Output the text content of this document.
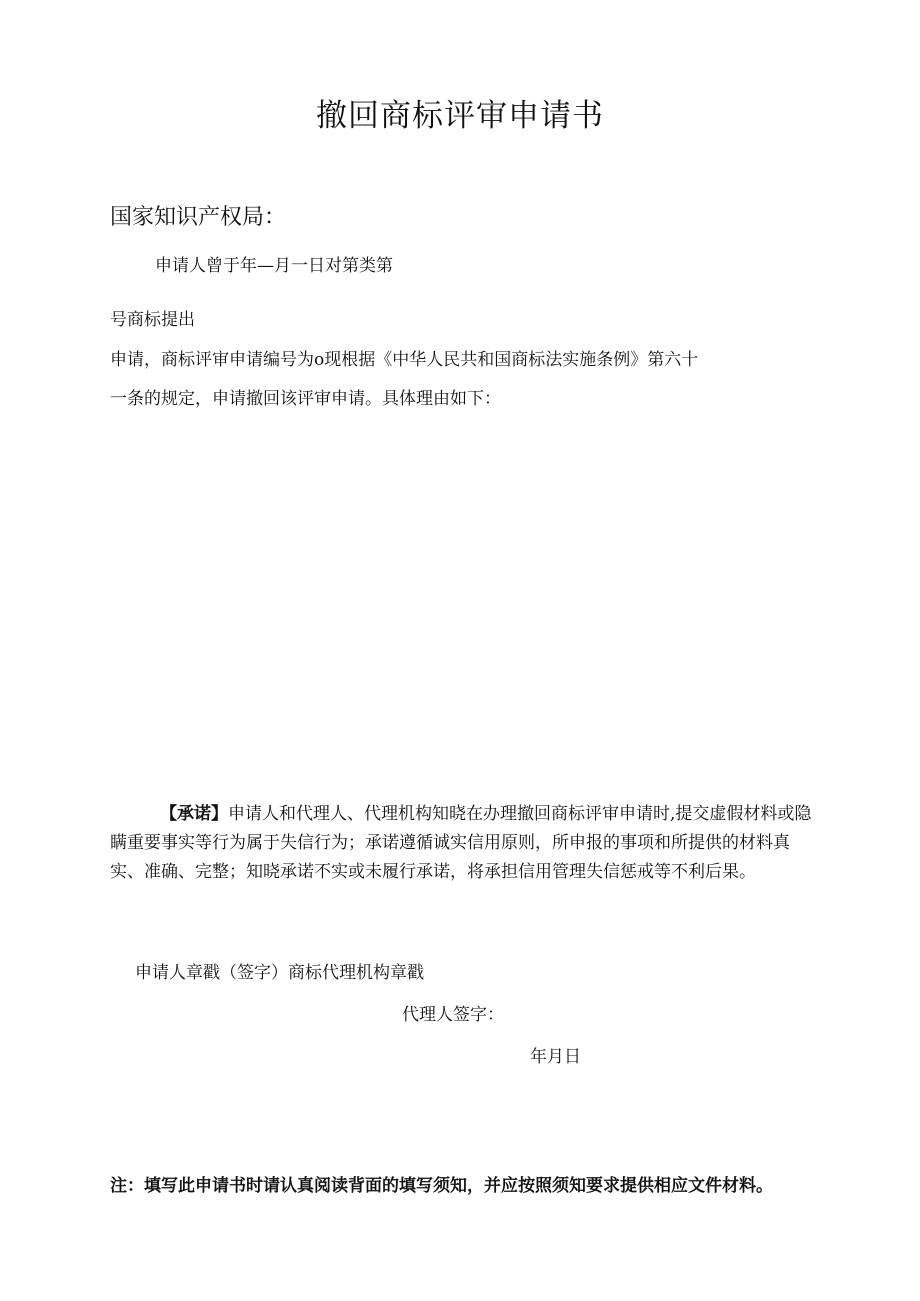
撤回商标评审申请书
国家知识产权局：
申请人曾于年—月一日对第类第
号商标提出
申请，商标评审申请编号为o现根据《中华人民共和国商标法实施条例》第六十
一条的规定，申请撤回该评审申请。具体理由如下：
【承诺】申请人和代理人、代理机构知晓在办理撤回商标评审申请时,提交虚假材料或隐瞒重要事实等行为属于失信行为；承诺遵循诚实信用原则，所申报的事项和所提供的材料真实、准确、完整；知晓承诺不实或未履行承诺，将承担信用管理失信惩戒等不利后果。
申请人章戳（签字）商标代理机构章戳
代理人签字：
年月日
注：填写此申请书时请认真阅读背面的填写须知，并应按照须知要求提供相应文件材料。
